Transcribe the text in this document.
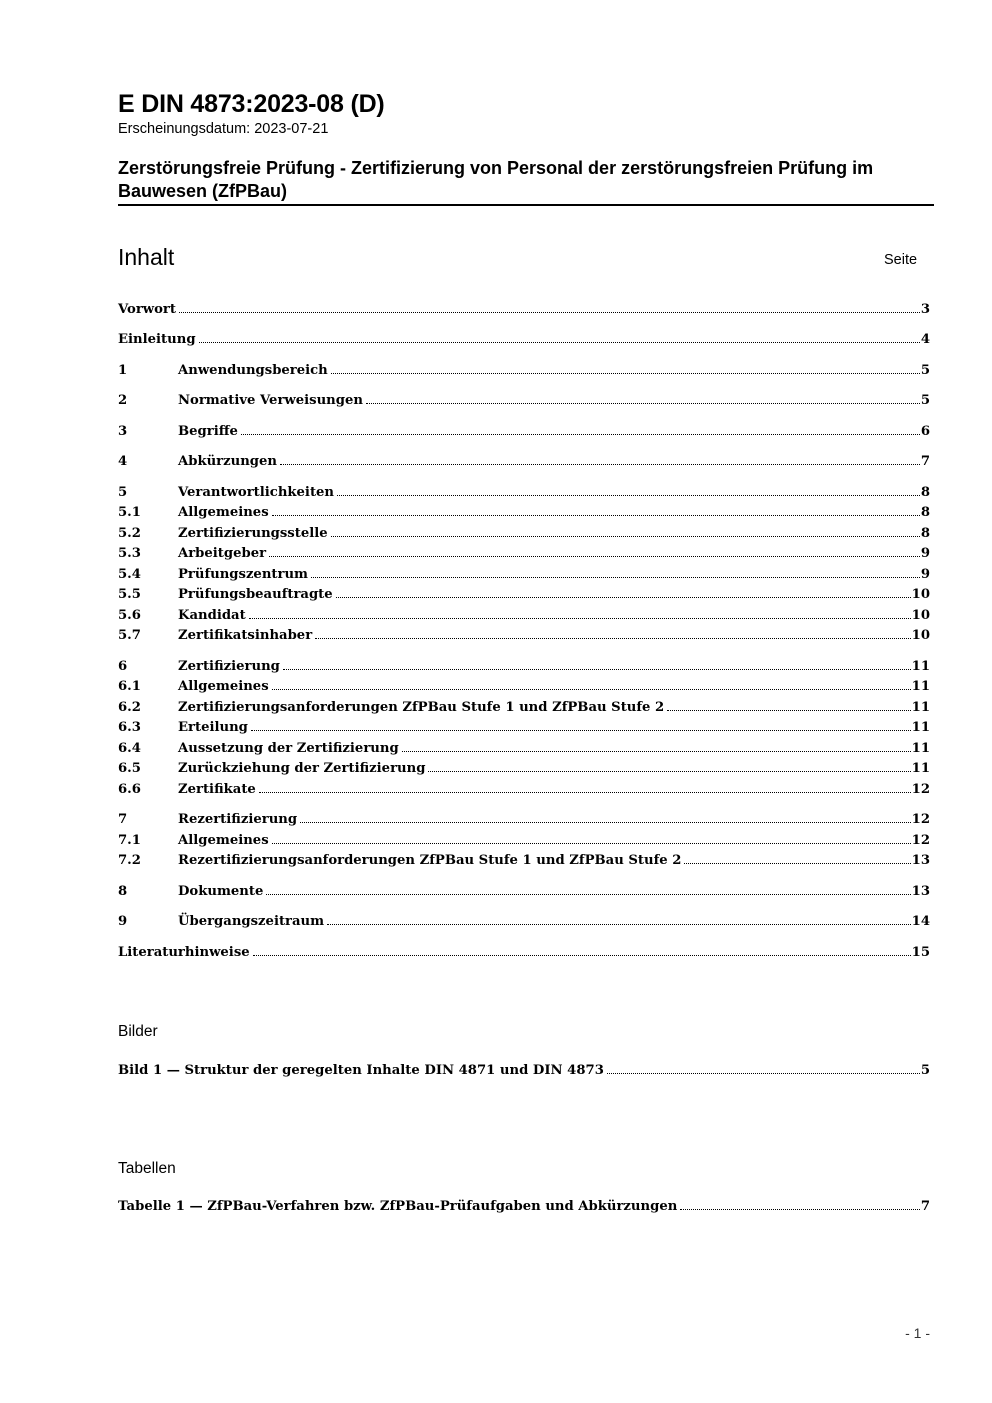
E DIN 4873:2023-08 (D)
Erscheinungsdatum: 2023-07-21
Zerstörungsfreie Prüfung - Zertifizierung von Personal der zerstörungsfreien Prüfung im Bauwesen (ZfPBau)
Inhalt	Seite
Vorwort	3
Einleitung	4
1	Anwendungsbereich	5
2	Normative Verweisungen	5
3	Begriffe	6
4	Abkürzungen	7
5	Verantwortlichkeiten	8
5.1	Allgemeines	8
5.2	Zertifizierungsstelle	8
5.3	Arbeitgeber	9
5.4	Prüfungszentrum	9
5.5	Prüfungsbeauftragte	10
5.6	Kandidat	10
5.7	Zertifikatsinhaber	10
6	Zertifizierung	11
6.1	Allgemeines	11
6.2	Zertifizierungsanforderungen ZfPBau Stufe 1 und ZfPBau Stufe 2	11
6.3	Erteilung	11
6.4	Aussetzung der Zertifizierung	11
6.5	Zurückziehung der Zertifizierung	11
6.6	Zertifikate	12
7	Rezertifizierung	12
7.1	Allgemeines	12
7.2	Rezertifizierungsanforderungen ZfPBau Stufe 1 und ZfPBau Stufe 2	13
8	Dokumente	13
9	Übergangszeitraum	14
Literaturhinweise	15
Bilder
Bild 1 — Struktur der geregelten Inhalte DIN 4871 und DIN 4873	5
Tabellen
Tabelle 1 — ZfPBau-Verfahren bzw. ZfPBau-Prüfaufgaben und Abkürzungen	7
- 1 -
